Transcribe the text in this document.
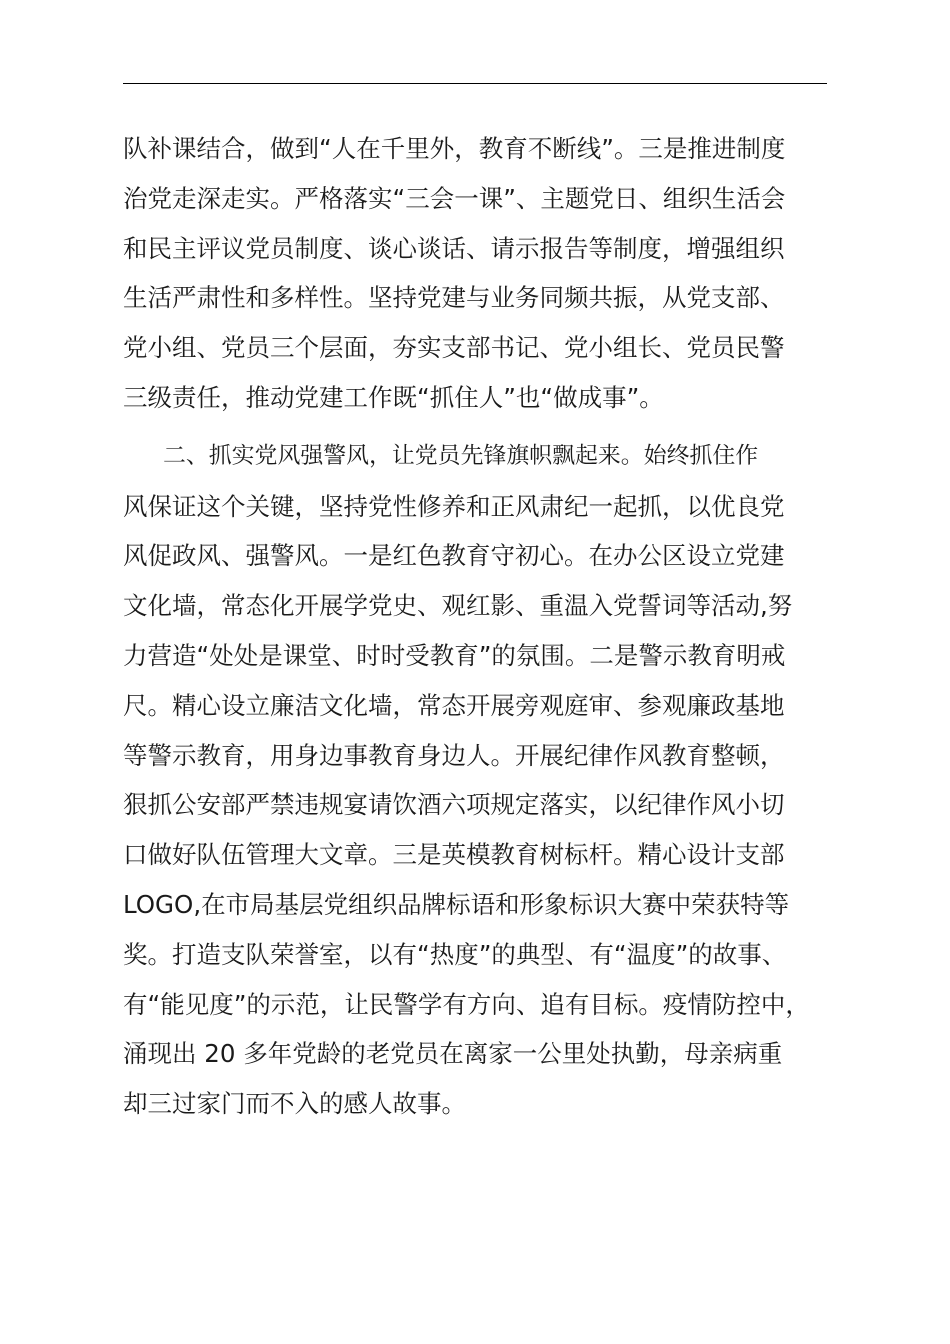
队补课结合，做到“人在千里外，教育不断线”。三是推进制度
治党走深走实。严格落实“三会一课”、主题党日、组织生活会
和民主评议党员制度、谈心谈话、请示报告等制度，增强组织
生活严肃性和多样性。坚持党建与业务同频共振，从党支部、
党小组、党员三个层面，夯实支部书记、党小组长、党员民警
三级责任，推动党建工作既“抓住人”也“做成事”。

二、抓实党风强警风，让党员先锋旗帜飘起来。始终抓住作
风保证这个关键，坚持党性修养和正风肃纪一起抓，以优良党
风促政风、强警风。一是红色教育守初心。在办公区设立党建
文化墙，常态化开展学党史、观红影、重温入党誓词等活动,努
力营造“处处是课堂、时时受教育”的氛围。二是警示教育明戒
尺。精心设立廉洁文化墙，常态开展旁观庭审、参观廉政基地
等警示教育，用身边事教育身边人。开展纪律作风教育整顿，
狠抓公安部严禁违规宴请饮酒六项规定落实，以纪律作风小切
口做好队伍管理大文章。三是英模教育树标杆。精心设计支部
LOGO,在市局基层党组织品牌标语和形象标识大赛中荣获特等
奖。打造支队荣誉室，以有“热度”的典型、有“温度”的故事、
有“能见度”的示范，让民警学有方向、追有目标。疫情防控中，
涌现出 20 多年党龄的老党员在离家一公里处执勤，母亲病重
却三过家门而不入的感人故事。
